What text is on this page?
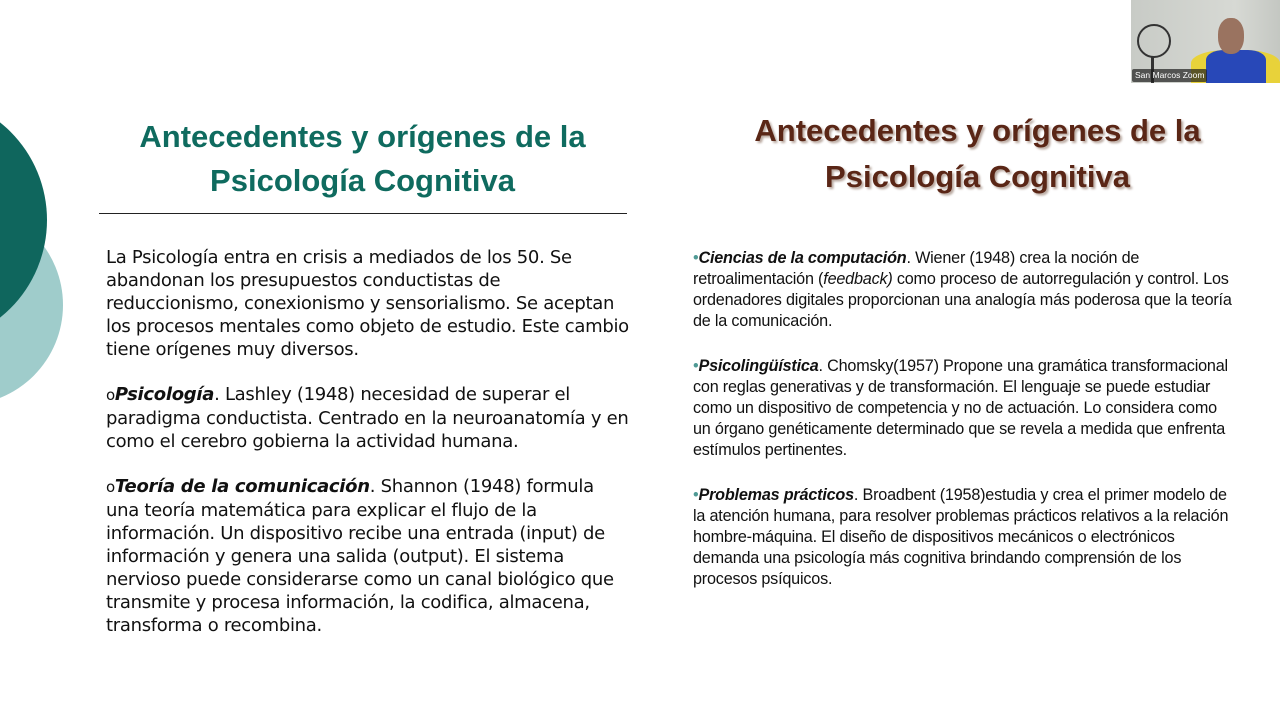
Antecedentes y orígenes de la
Psicología Cognitiva

La Psicología entra en crisis a mediados de los 50. Se abandonan los presupuestos conductistas de reduccionismo, conexionismo y sensorialismo. Se aceptan los procesos mentales como objeto de estudio. Este cambio tiene orígenes muy diversos.

oPsicología. Lashley (1948) necesidad de superar el paradigma conductista. Centrado en la neuroanatomía y en como el cerebro gobierna la actividad humana.

oTeoría de la comunicación. Shannon (1948) formula una teoría matemática para explicar el flujo de la información. Un dispositivo recibe una entrada (input) de información y genera una salida (output). El sistema nervioso puede considerarse como un canal biológico que transmite y procesa información, la codifica, almacena, transforma o recombina.

Antecedentes y orígenes de la
Psicología Cognitiva

•Ciencias de la computación. Wiener (1948) crea la noción de retroalimentación (feedback) como proceso de autorregulación y control. Los ordenadores digitales proporcionan una analogía más poderosa que la teoría de la comunicación.

•Psicolingüística. Chomsky(1957) Propone una gramática transformacional con reglas generativas y de transformación. El lenguaje se puede estudiar como un dispositivo de competencia y no de actuación. Lo considera como un órgano genéticamente determinado que se revela a medida que enfrenta estímulos pertinentes.

•Problemas prácticos. Broadbent (1958)estudia y crea el primer modelo de la atención humana, para resolver problemas prácticos relativos a la relación hombre-máquina. El diseño de dispositivos mecánicos o electrónicos demanda una psicología más cognitiva brindando comprensión de los procesos psíquicos.

San Marcos Zoom
